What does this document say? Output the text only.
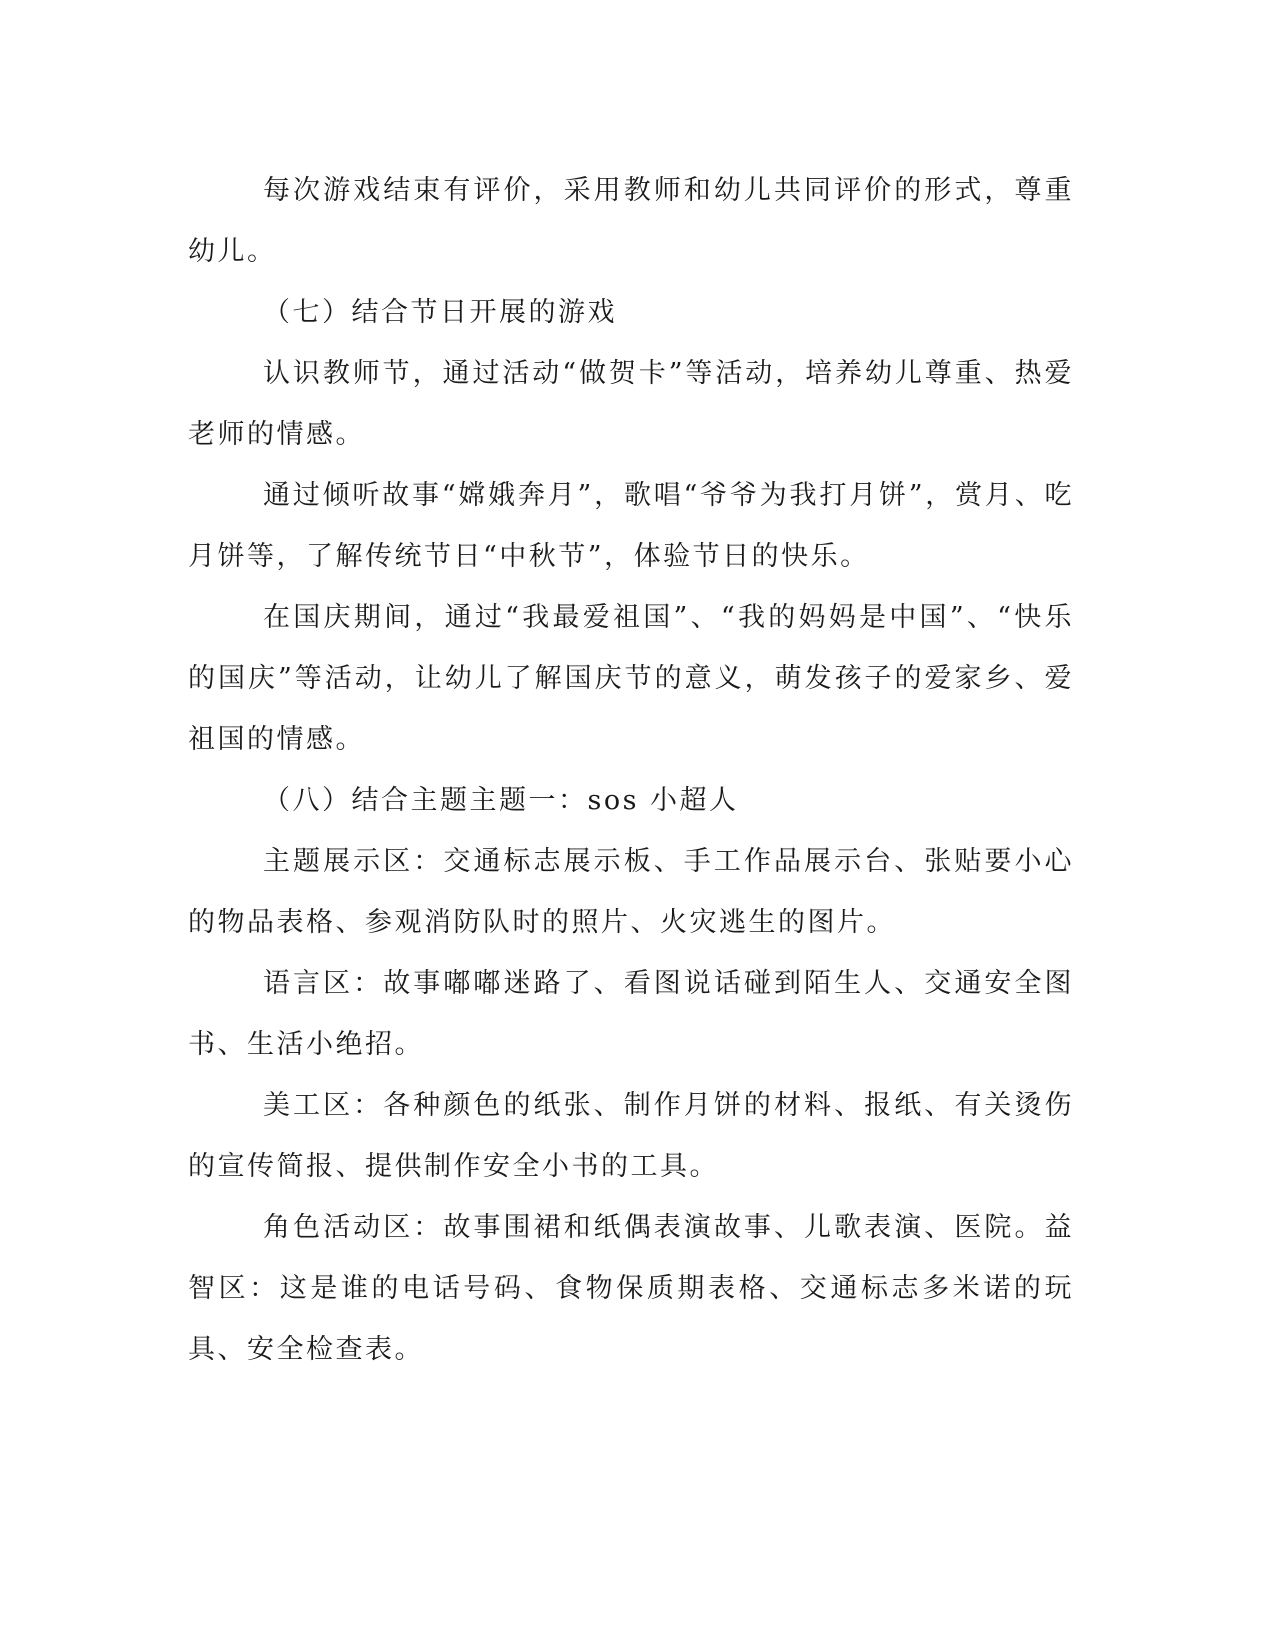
每次游戏结束有评价，采用教师和幼儿共同评价的形式，尊重幼儿。

（七）结合节日开展的游戏

认识教师节，通过活动“做贺卡”等活动，培养幼儿尊重、热爱老师的情感。

通过倾听故事“嫦娥奔月”，歌唱“爷爷为我打月饼”，赏月、吃月饼等，了解传统节日“中秋节”，体验节日的快乐。

在国庆期间，通过“我最爱祖国”、“我的妈妈是中国”、“快乐的国庆”等活动，让幼儿了解国庆节的意义，萌发孩子的爱家乡、爱祖国的情感。

（八）结合主题主题一：sos 小超人

主题展示区：交通标志展示板、手工作品展示台、张贴要小心的物品表格、参观消防队时的照片、火灾逃生的图片。

语言区：故事嘟嘟迷路了、看图说话碰到陌生人、交通安全图书、生活小绝招。

美工区：各种颜色的纸张、制作月饼的材料、报纸、有关烫伤的宣传简报、提供制作安全小书的工具。

角色活动区：故事围裙和纸偶表演故事、儿歌表演、医院。益智区：这是谁的电话号码、食物保质期表格、交通标志多米诺的玩具、安全检查表。
